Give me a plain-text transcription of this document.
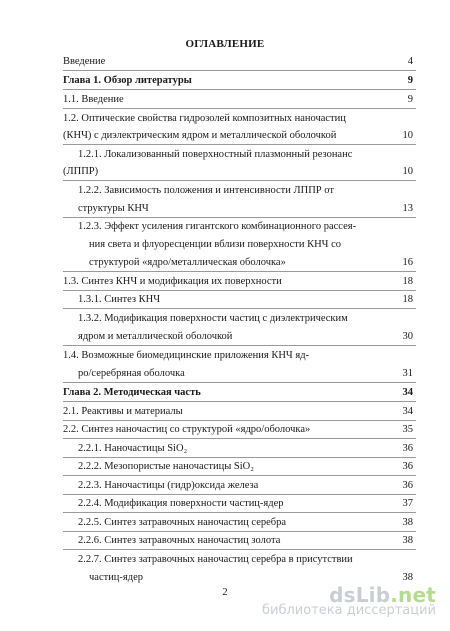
ОГЛАВЛЕНИЕ
Введение	4
Глава 1. Обзор литературы	9
1.1. Введение	9
1.2. Оптические свойства гидрозолей композитных наночастиц
(КНЧ) с диэлектрическим ядром и металлической оболочкой	10
1.2.1. Локализованный поверхностный плазмонный резонанс
(ЛППР)	10
1.2.2. Зависимость положения и интенсивности ЛППР от
структуры КНЧ	13
1.2.3. Эффект усиления гигантского комбинационного рассея-
ния света и флуоресценции вблизи поверхности КНЧ со
структурой «ядро/металлическая оболочка»	16
1.3. Синтез КНЧ и модификация их поверхности	18
1.3.1. Синтез КНЧ	18
1.3.2. Модификация поверхности частиц с диэлектрическим
ядром и металлической оболочкой	30
1.4. Возможные биомедицинские приложения КНЧ яд-
ро/серебряная оболочка	31
Глава 2. Методическая часть	34
2.1. Реактивы и материалы	34
2.2. Синтез наночастиц со структурой «ядро/оболочка»	35
2.2.1. Наночастицы SiO₂	36
2.2.2. Мезопористые наночастицы SiO₂	36
2.2.3. Наночастицы (гидр)оксида железа	36
2.2.4. Модификация поверхности частиц-ядер	37
2.2.5. Синтез затравочных наночастиц серебра	38
2.2.6. Синтез затравочных наночастиц золота	38
2.2.7. Синтез затравочных наночастиц серебра в присутствии
частиц-ядер	38
2	dsLib.net
библиотека диссертаций
